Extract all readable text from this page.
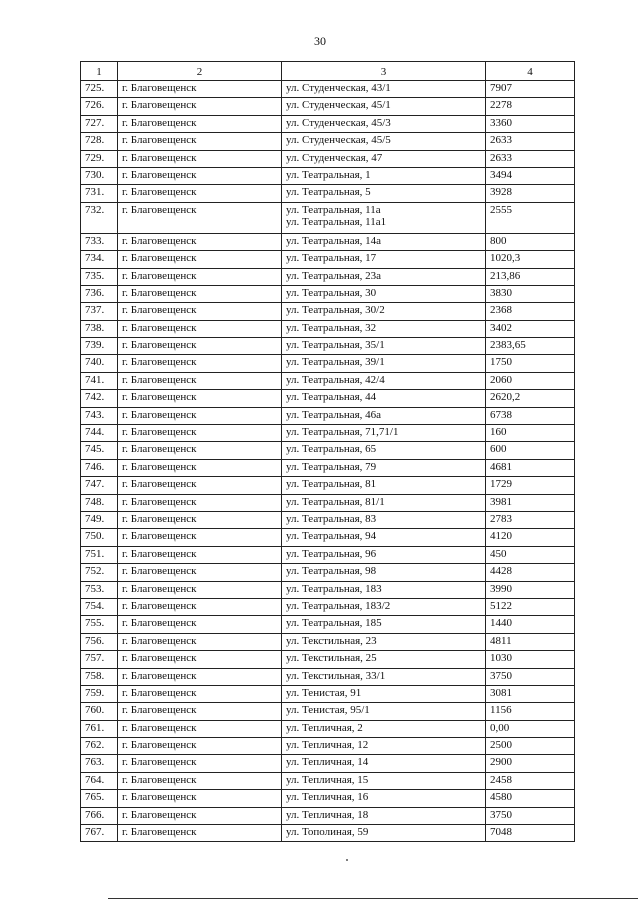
30
1	2	3	4
725.	г. Благовещенск	ул. Студенческая, 43/1	7907
726.	г. Благовещенск	ул. Студенческая, 45/1	2278
727.	г. Благовещенск	ул. Студенческая, 45/3	3360
728.	г. Благовещенск	ул. Студенческая, 45/5	2633
729.	г. Благовещенск	ул. Студенческая, 47	2633
730.	г. Благовещенск	ул. Театральная, 1	3494
731.	г. Благовещенск	ул. Театральная, 5	3928
732.	г. Благовещенск	ул. Театральная, 11а
ул. Театральная, 11а1	2555
733.	г. Благовещенск	ул. Театральная, 14а	800
734.	г. Благовещенск	ул. Театральная, 17	1020,3
735.	г. Благовещенск	ул. Театральная, 23а	213,86
736.	г. Благовещенск	ул. Театральная, 30	3830
737.	г. Благовещенск	ул. Театральная, 30/2	2368
738.	г. Благовещенск	ул. Театральная, 32	3402
739.	г. Благовещенск	ул. Театральная, 35/1	2383,65
740.	г. Благовещенск	ул. Театральная, 39/1	1750
741.	г. Благовещенск	ул. Театральная, 42/4	2060
742.	г. Благовещенск	ул. Театральная, 44	2620,2
743.	г. Благовещенск	ул. Театральная, 46а	6738
744.	г. Благовещенск	ул. Театральная, 71,71/1	160
745.	г. Благовещенск	ул. Театральная, 65	600
746.	г. Благовещенск	ул. Театральная, 79	4681
747.	г. Благовещенск	ул. Театральная, 81	1729
748.	г. Благовещенск	ул. Театральная, 81/1	3981
749.	г. Благовещенск	ул. Театральная, 83	2783
750.	г. Благовещенск	ул. Театральная, 94	4120
751.	г. Благовещенск	ул. Театральная, 96	450
752.	г. Благовещенск	ул. Театральная, 98	4428
753.	г. Благовещенск	ул. Театральная, 183	3990
754.	г. Благовещенск	ул. Театральная, 183/2	5122
755.	г. Благовещенск	ул. Театральная, 185	1440
756.	г. Благовещенск	ул. Текстильная, 23	4811
757.	г. Благовещенск	ул. Текстильная, 25	1030
758.	г. Благовещенск	ул. Текстильная, 33/1	3750
759.	г. Благовещенск	ул. Тенистая, 91	3081
760.	г. Благовещенск	ул. Тенистая, 95/1	1156
761.	г. Благовещенск	ул. Тепличная, 2	0,00
762.	г. Благовещенск	ул. Тепличная, 12	2500
763.	г. Благовещенск	ул. Тепличная, 14	2900
764.	г. Благовещенск	ул. Тепличная, 15	2458
765.	г. Благовещенск	ул. Тепличная, 16	4580
766.	г. Благовещенск	ул. Тепличная, 18	3750
767.	г. Благовещенск	ул. Тополиная, 59	7048
